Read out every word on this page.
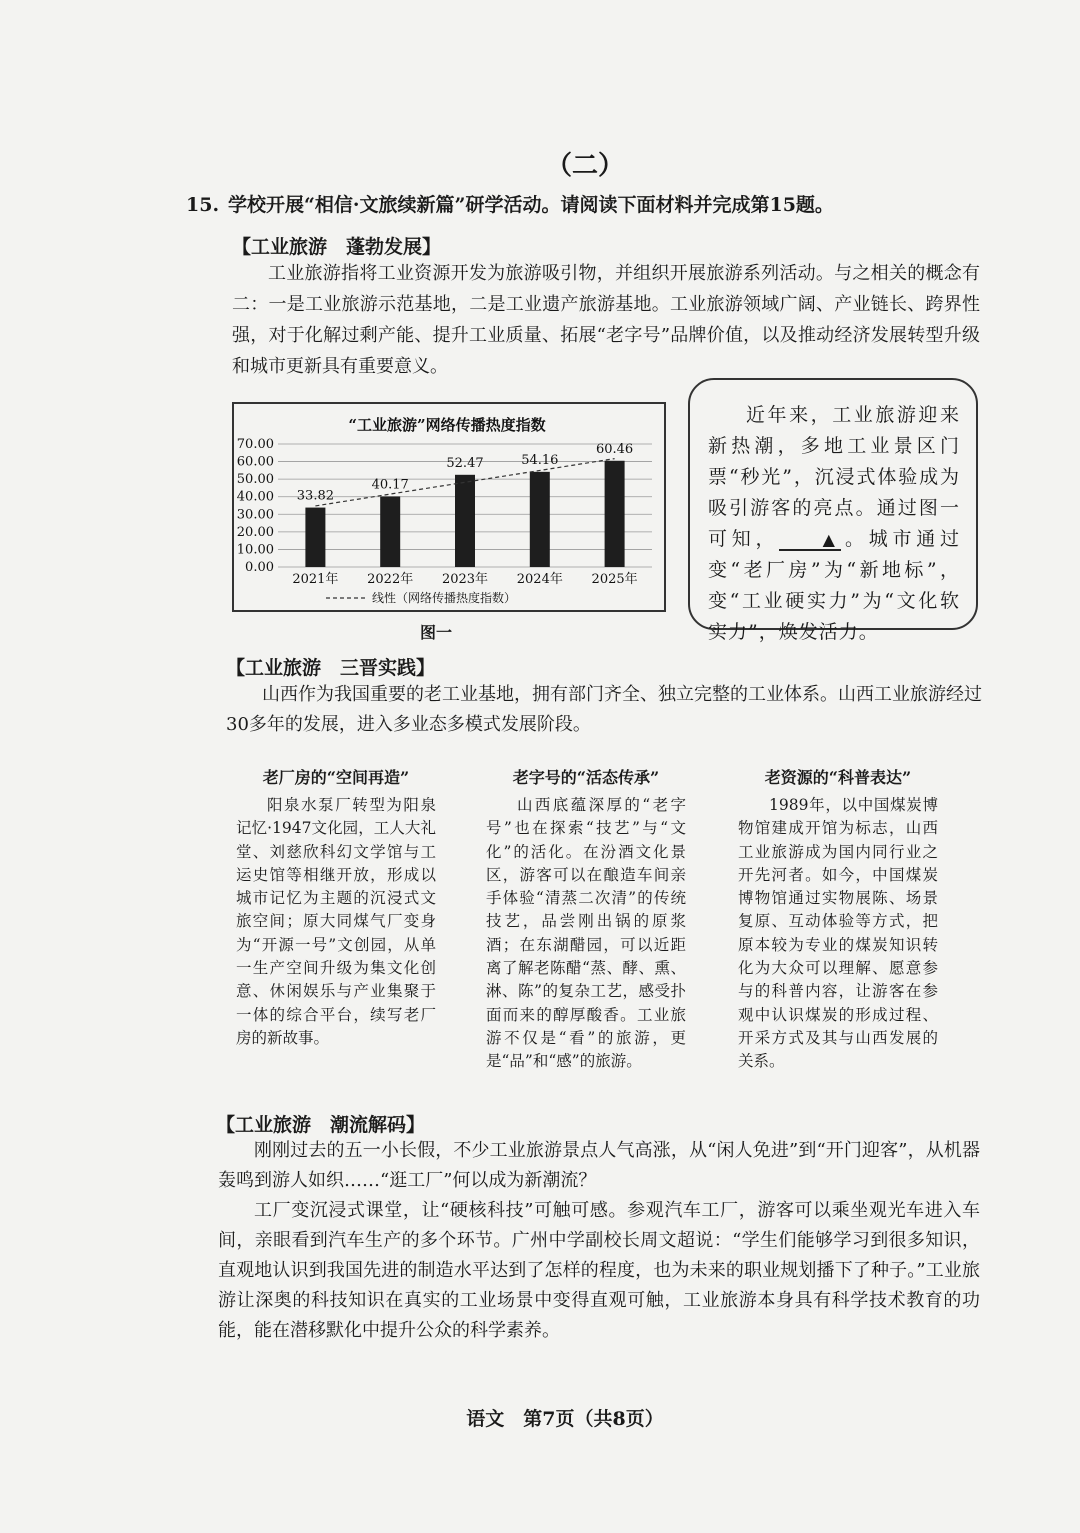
（二）
15. 学校开展“相信·文旅续新篇”研学活动。请阅读下面材料并完成第15题。
【工业旅游　蓬勃发展】
工业旅游指将工业资源开发为旅游吸引物，并组织开展旅游系列活动。与之相关的概念有二：一是工业旅游示范基地，二是工业遗产旅游基地。工业旅游领域广阔、产业链长、跨界性强，对于化解过剩产能、提升工业质量、拓展“老字号”品牌价值，以及推动经济发展转型升级和城市更新具有重要意义。
“工业旅游”网络传播热度指数
0.00
10.00
20.00
30.00
40.00
50.00
60.00
70.00
33.82
2021年
40.17
2022年
52.47
2023年
54.16
2024年
60.46
2025年
线性（网络传播热度指数）
图一
近年来，工业旅游迎来新热潮，多地工业景区门票“秒光”，沉浸式体验成为吸引游客的亮点。通过图一可知，	▲ 。城市通过变“老厂房”为“新地标”，变“工业硬实力”为“文化软实力”，焕发活力。
【工业旅游　三晋实践】
山西作为我国重要的老工业基地，拥有部门齐全、独立完整的工业体系。山西工业旅游经过30多年的发展，进入多业态多模式发展阶段。
老厂房的“空间再造”
阳泉水泵厂转型为阳泉记忆·1947文化园，工人大礼堂、刘慈欣科幻文学馆与工运史馆等相继开放，形成以城市记忆为主题的沉浸式文旅空间；原大同煤气厂变身为“开源一号”文创园，从单一生产空间升级为集文化创意、休闲娱乐与产业集聚于一体的综合平台，续写老厂房的新故事。
老字号的“活态传承”
山西底蕴深厚的“老字号”也在探索“技艺”与“文化”的活化。在汾酒文化景区，游客可以在酿造车间亲手体验“清蒸二次清”的传统技艺，品尝刚出锅的原浆酒；在东湖醋园，可以近距离了解老陈醋“蒸、酵、熏、淋、陈”的复杂工艺，感受扑面而来的醇厚酸香。工业旅游不仅是“看”的旅游，更是“品”和“感”的旅游。
老资源的“科普表达”
1989年，以中国煤炭博物馆建成开馆为标志，山西工业旅游成为国内同行业之开先河者。如今，中国煤炭博物馆通过实物展陈、场景复原、互动体验等方式，把原本较为专业的煤炭知识转化为大众可以理解、愿意参与的科普内容，让游客在参观中认识煤炭的形成过程、开采方式及其与山西发展的关系。
【工业旅游　潮流解码】
刚刚过去的五一小长假，不少工业旅游景点人气高涨，从“闲人免进”到“开门迎客”，从机器轰鸣到游人如织……“逛工厂”何以成为新潮流？
工厂变沉浸式课堂，让“硬核科技”可触可感。参观汽车工厂，游客可以乘坐观光车进入车间，亲眼看到汽车生产的多个环节。广州中学副校长周文超说：“学生们能够学习到很多知识，直观地认识到我国先进的制造水平达到了怎样的程度，也为未来的职业规划播下了种子。”工业旅游让深奥的科技知识在真实的工业场景中变得直观可触，工业旅游本身具有科学技术教育的功能，能在潜移默化中提升公众的科学素养。
语文　第7页（共8页）
